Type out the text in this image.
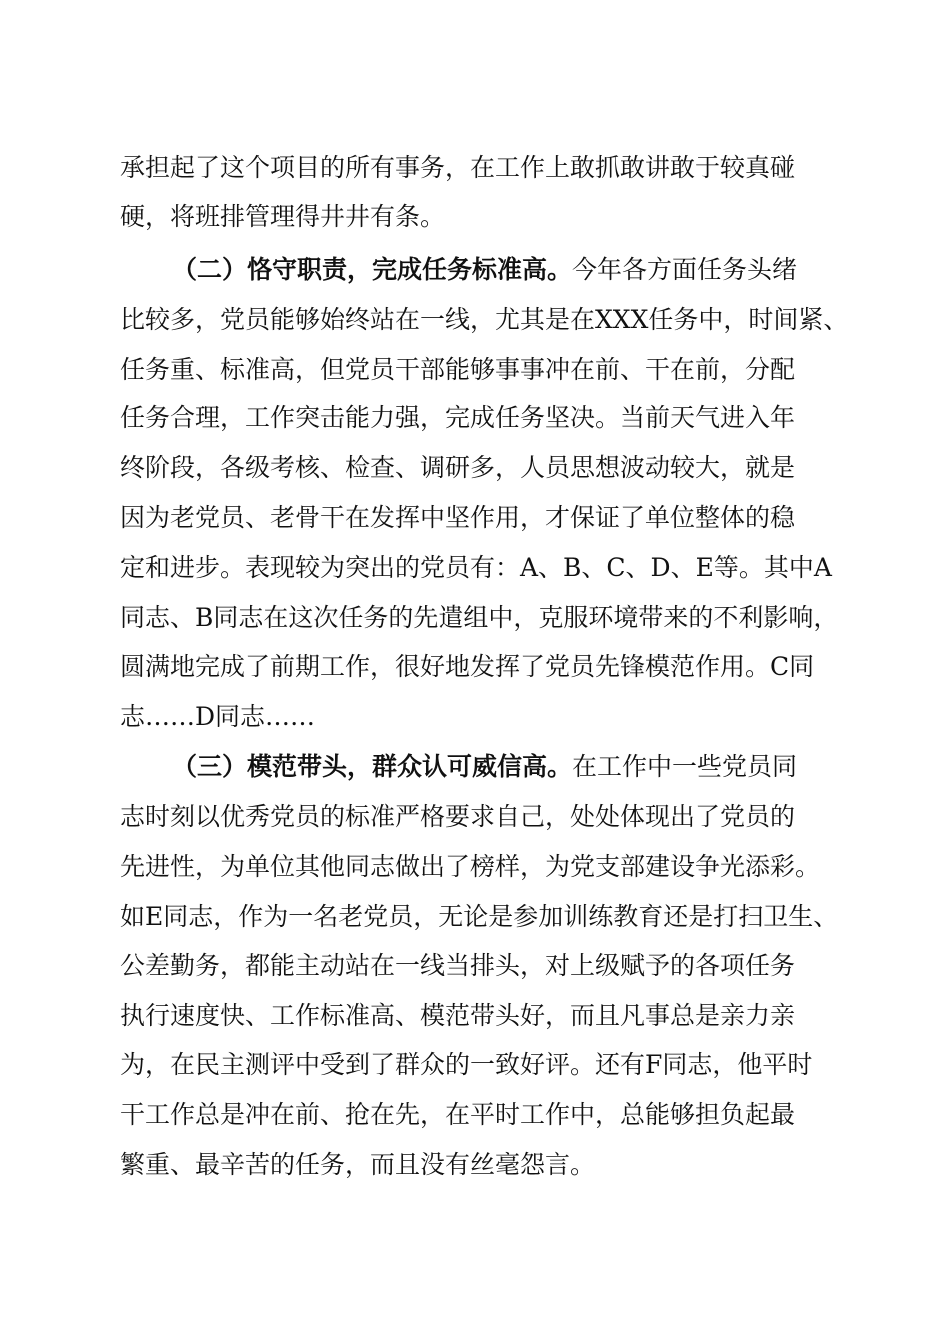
承担起了这个项目的所有事务，在工作上敢抓敢讲敢于较真碰

硬，将班排管理得井井有条。

（二）恪守职责，完成任务标准高。今年各方面任务头绪

比较多，党员能够始终站在一线，尤其是在XXX任务中，时间紧、

任务重、标准高，但党员干部能够事事冲在前、干在前，分配

任务合理，工作突击能力强，完成任务坚决。当前天气进入年

终阶段，各级考核、检查、调研多，人员思想波动较大，就是

因为老党员、老骨干在发挥中坚作用，才保证了单位整体的稳

定和进步。表现较为突出的党员有：A、B、C、D、E等。其中A

同志、B同志在这次任务的先遣组中，克服环境带来的不利影响，

圆满地完成了前期工作，很好地发挥了党员先锋模范作用。C同

志……D同志……

（三）模范带头，群众认可威信高。在工作中一些党员同

志时刻以优秀党员的标准严格要求自己，处处体现出了党员的

先进性，为单位其他同志做出了榜样，为党支部建设争光添彩。

如E同志，作为一名老党员，无论是参加训练教育还是打扫卫生、

公差勤务，都能主动站在一线当排头，对上级赋予的各项任务

执行速度快、工作标准高、模范带头好，而且凡事总是亲力亲

为，在民主测评中受到了群众的一致好评。还有F同志，他平时

干工作总是冲在前、抢在先，在平时工作中，总能够担负起最

繁重、最辛苦的任务，而且没有丝毫怨言。
